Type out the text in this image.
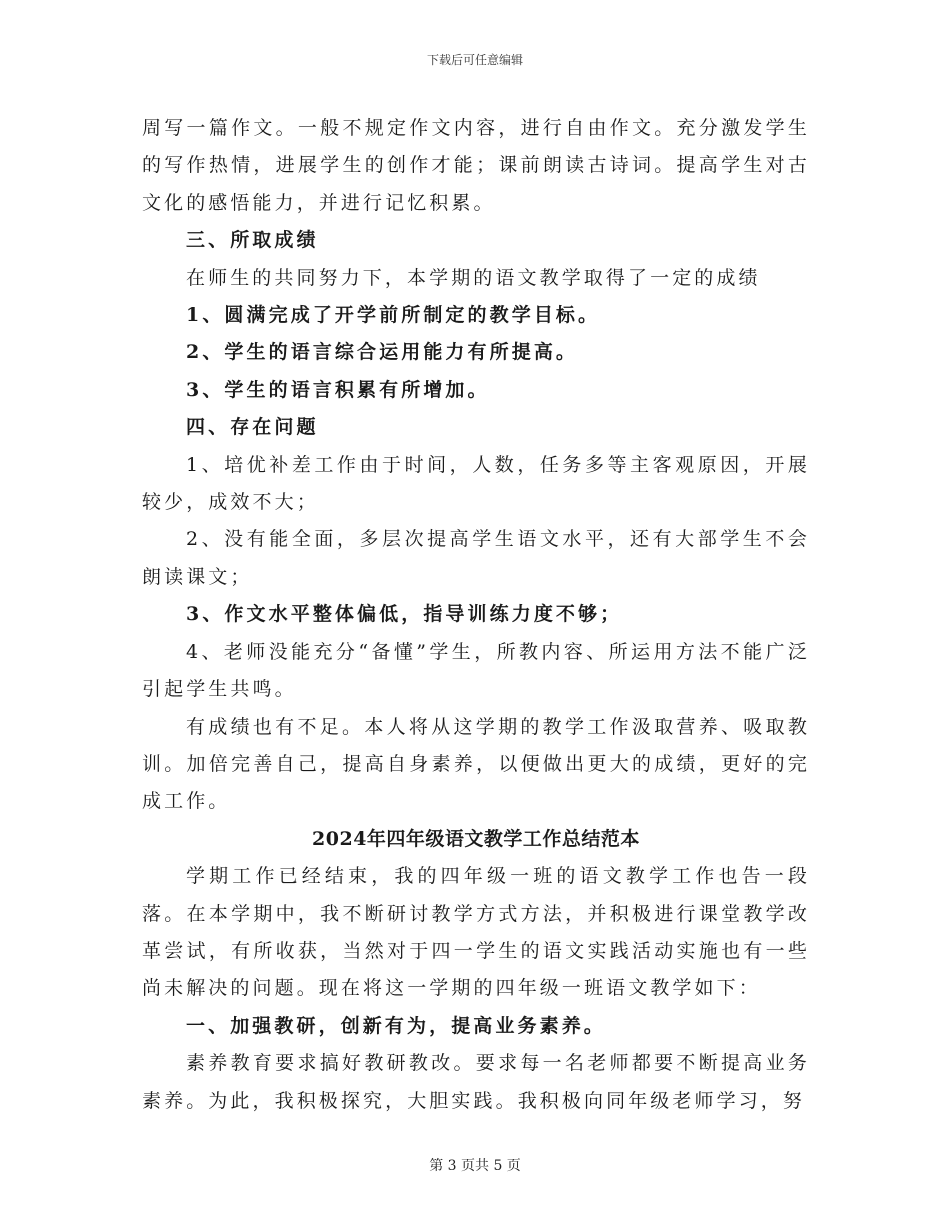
下载后可任意编辑

周写一篇作文。一般不规定作文内容，进行自由作文。充分激发学生的写作热情，进展学生的创作才能；课前朗读古诗词。提高学生对古文化的感悟能力，并进行记忆积累。

三、所取成绩

在师生的共同努力下，本学期的语文教学取得了一定的成绩

1、圆满完成了开学前所制定的教学目标。

2、学生的语言综合运用能力有所提高。

3、学生的语言积累有所增加。

四、存在问题

1、培优补差工作由于时间，人数，任务多等主客观原因，开展较少，成效不大；

2、没有能全面，多层次提高学生语文水平，还有大部学生不会朗读课文；

3、作文水平整体偏低，指导训练力度不够；

4、老师没能充分“备懂”学生，所教内容、所运用方法不能广泛引起学生共鸣。

有成绩也有不足。本人将从这学期的教学工作汲取营养、吸取教训。加倍完善自己，提高自身素养，以便做出更大的成绩，更好的完成工作。

2024年四年级语文教学工作总结范本

学期工作已经结束，我的四年级一班的语文教学工作也告一段落。在本学期中，我不断研讨教学方式方法，并积极进行课堂教学改革尝试，有所收获，当然对于四一学生的语文实践活动实施也有一些尚未解决的问题。现在将这一学期的四年级一班语文教学如下：

一、加强教研，创新有为，提高业务素养。

素养教育要求搞好教研教改。要求每一名老师都要不断提高业务素养。为此，我积极探究，大胆实践。我积极向同年级老师学习，努

第 3 页共 5 页
